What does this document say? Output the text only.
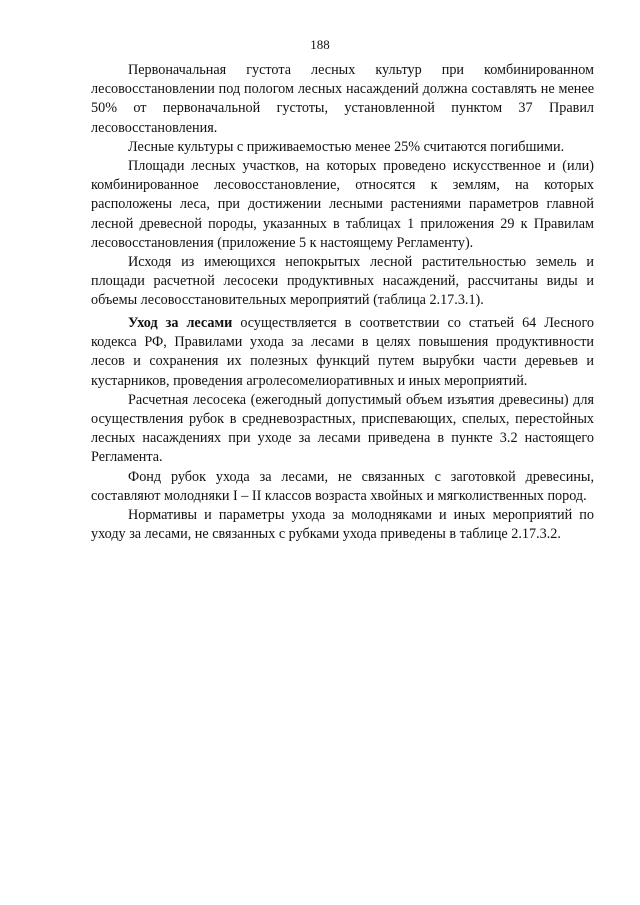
188

Первоначальная густота лесных культур при комбинированном лесовосстановлении под пологом лесных насаждений должна составлять не менее 50% от первоначальной густоты, установленной пунктом 37 Правил лесовосстановления.

Лесные культуры с приживаемостью менее 25% считаются погибшими.

Площади лесных участков, на которых проведено искусственное и (или) комбинированное лесовосстановление, относятся к землям, на которых расположены леса, при достижении лесными растениями параметров главной лесной древесной породы, указанных в таблицах 1 приложения 29 к Правилам лесовосстановления (приложение 5 к настоящему Регламенту).

Исходя из имеющихся непокрытых лесной растительностью земель и площади расчетной лесосеки продуктивных насаждений, рассчитаны виды и объемы лесовосстановительных мероприятий (таблица 2.17.3.1).

Уход за лесами осуществляется в соответствии со статьей 64 Лесного кодекса РФ, Правилами ухода за лесами в целях повышения продуктивности лесов и сохранения их полезных функций путем вырубки части деревьев и кустарников, проведения агролесомелиоративных и иных мероприятий.

Расчетная лесосека (ежегодный допустимый объем изъятия древесины) для осуществления рубок в средневозрастных, приспевающих, спелых, перестойных лесных насаждениях при уходе за лесами приведена в пункте 3.2 настоящего Регламента.

Фонд рубок ухода за лесами, не связанных с заготовкой древесины, составляют молодняки I – II классов возраста хвойных и мягколиственных пород.

Нормативы и параметры ухода за молодняками и иных мероприятий по уходу за лесами, не связанных с рубками ухода приведены в таблице 2.17.3.2.
